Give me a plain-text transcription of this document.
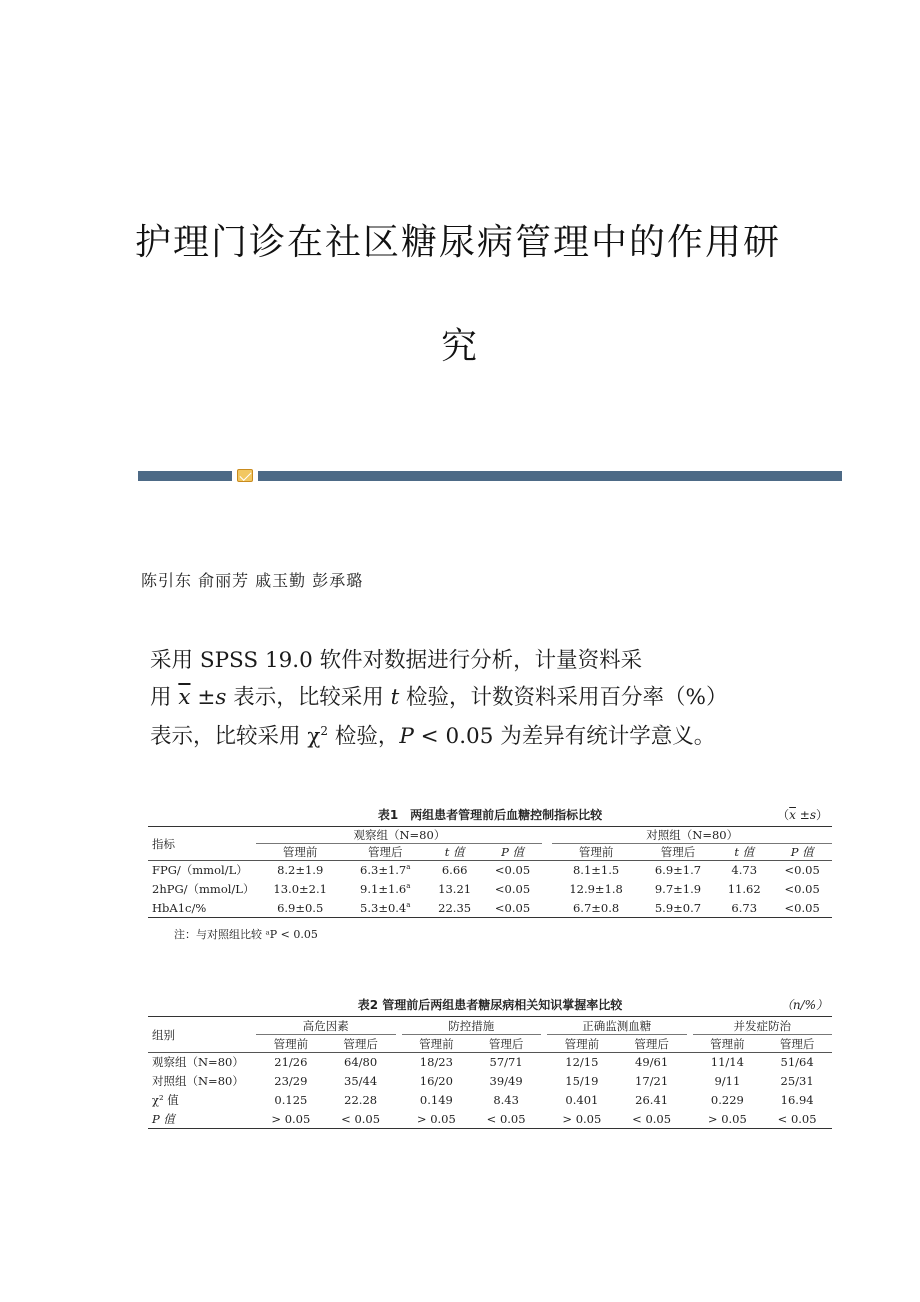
护理门诊在社区糖尿病管理中的作用研
究
陈引东 俞丽芳 戚玉勤 彭承璐
采用 SPSS 19.0 软件对数据进行分析，计量资料采
用 $\overline{x} \pm s$ 表示，比较采用 t 检验，计数资料采用百分率（%）
表示，比较采用 $\chi^2$ 检验，P < 0.05 为差异有统计学意义。
表1　两组患者管理前后血糖控制指标比较	$(\overline{x} \pm s)$
指标	观察组（N=80）					对照组（N=80）			
	管理前	管理后	t 值	P 值		管理前	管理后	t 值	P 值
FPG/（mmol/L）	8.2±1.9	6.3±1.7$^a$	6.66	<0.05		8.1±1.5	6.9±1.7	4.73	<0.05
2hPG/（mmol/L）	13.0±2.1	9.1±1.6$^a$	13.21	<0.05		12.9±1.8	9.7±1.9	11.62	<0.05
HbA1c/%	6.9±0.5	5.3±0.4$^a$	22.35	<0.05		6.7±0.8	5.9±0.7	6.73	<0.05
注：与对照组比较 ᵃP < 0.05
表2 管理前后两组患者糖尿病相关知识掌握率比较	（n/%）
组别	高危因素			防控措施			正确监测血糖			并发症防治	
	管理前	管理后		管理前	管理后		管理前	管理后		管理前	管理后
观察组（N=80）	21/26	64/80		18/23	57/71		12/15	49/61		11/14	51/64
对照组（N=80）	23/29	35/44		16/20	39/49		15/19	17/21		9/11	25/31
χ² 值	0.125	22.28		0.149	8.43		0.401	26.41		0.229	16.94
P 值	> 0.05	< 0.05		> 0.05	< 0.05		> 0.05	< 0.05		> 0.05	< 0.05
